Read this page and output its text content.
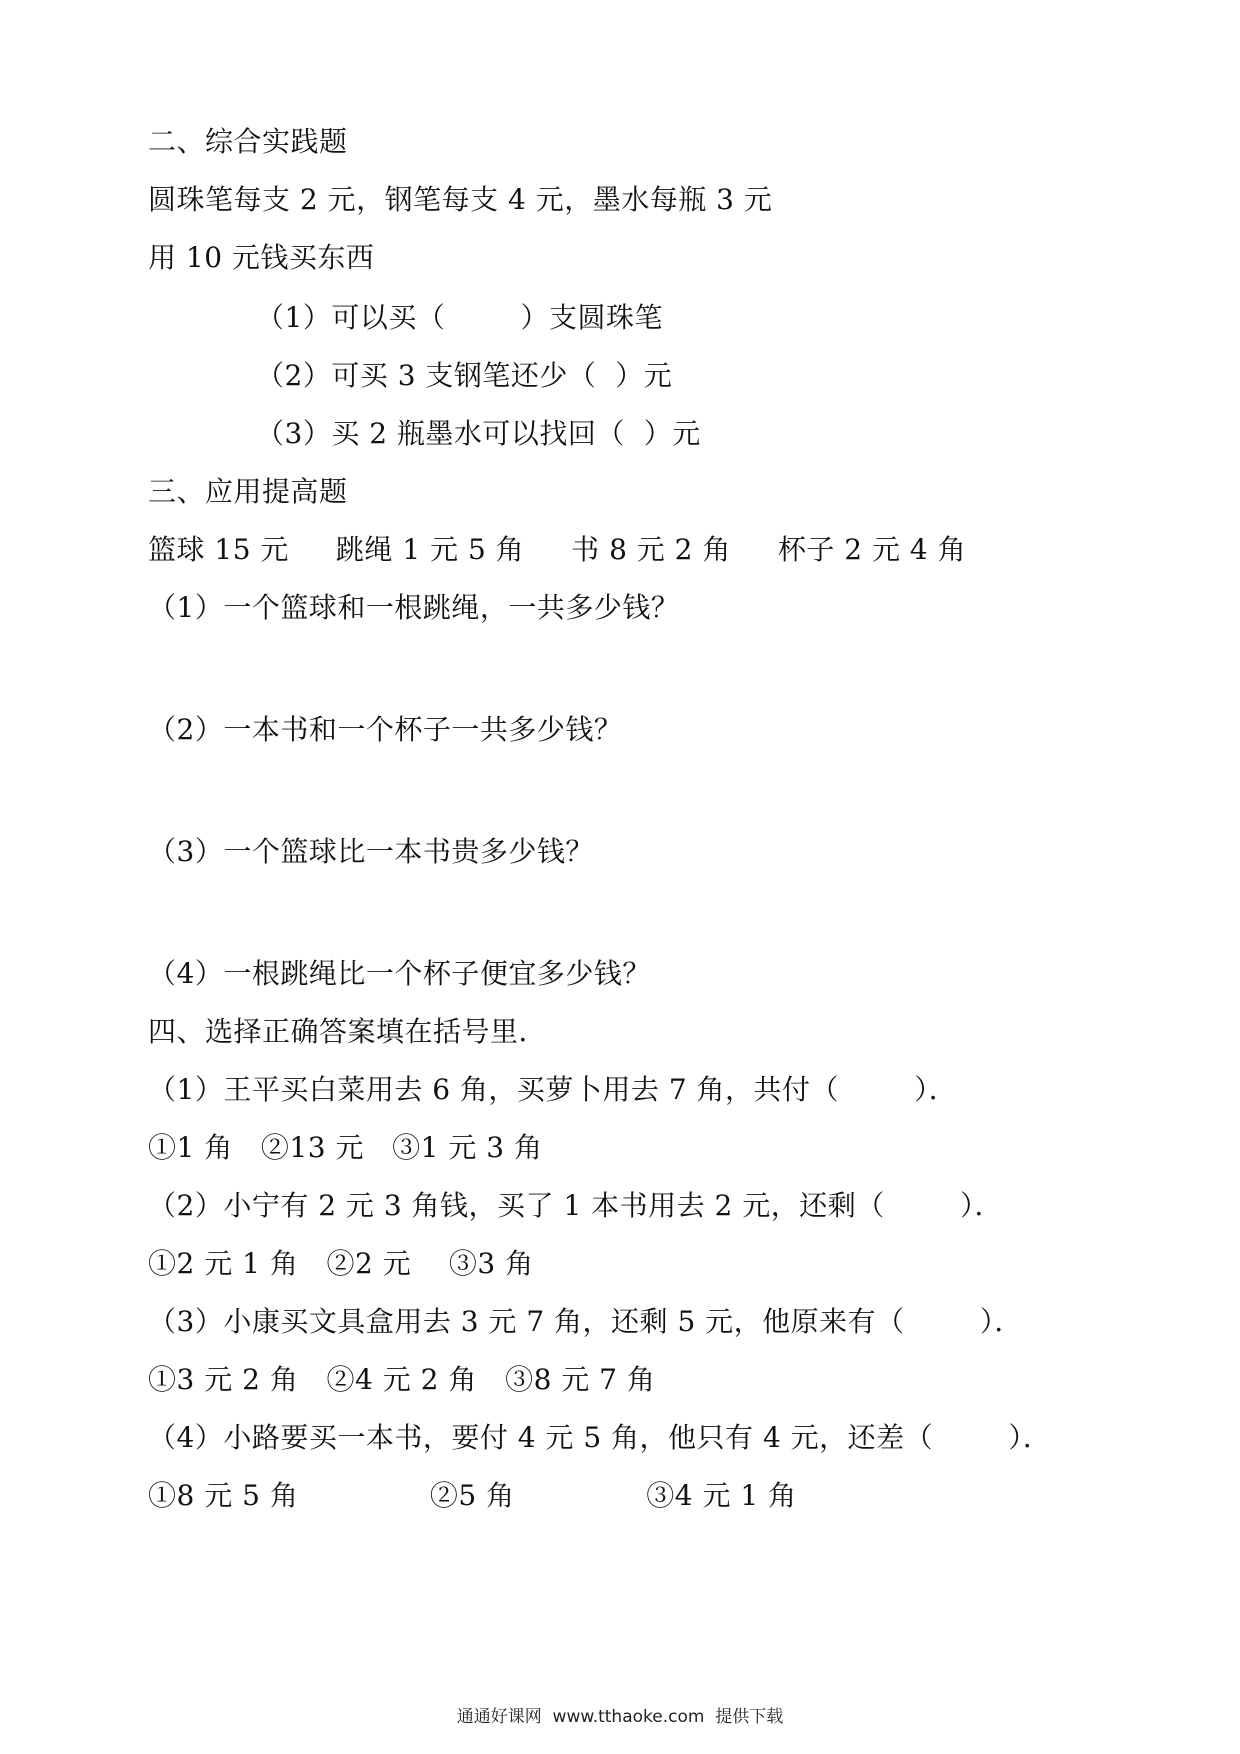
二、综合实践题
圆珠笔每支 2 元，钢笔每支 4 元，墨水每瓶 3 元
用 10 元钱买东西
（1）可以买（        ）支圆珠笔
（2）可买 3 支钢笔还少（  ）元
（3）买 2 瓶墨水可以找回（  ）元
三、应用提高题
篮球 15 元     跳绳 1 元 5 角     书 8 元 2 角     杯子 2 元 4 角
（1）一个篮球和一根跳绳，一共多少钱？
（2）一本书和一个杯子一共多少钱？
（3）一个篮球比一本书贵多少钱？
（4）一根跳绳比一个杯子便宜多少钱？
四、选择正确答案填在括号里．
（1）王平买白菜用去 6 角，买萝卜用去 7 角，共付（        ）．
①1 角   ②13 元   ③1 元 3 角
（2）小宁有 2 元 3 角钱，买了 1 本书用去 2 元，还剩（        ）．
①2 元 1 角   ②2 元    ③3 角
（3）小康买文具盒用去 3 元 7 角，还剩 5 元，他原来有（        ）．
①3 元 2 角   ②4 元 2 角   ③8 元 7 角
（4）小路要买一本书，要付 4 元 5 角，他只有 4 元，还差（        ）．
①8 元 5 角              ②5 角              ③4 元 1 角
通通好课网  www.tthaoke.com  提供下载
